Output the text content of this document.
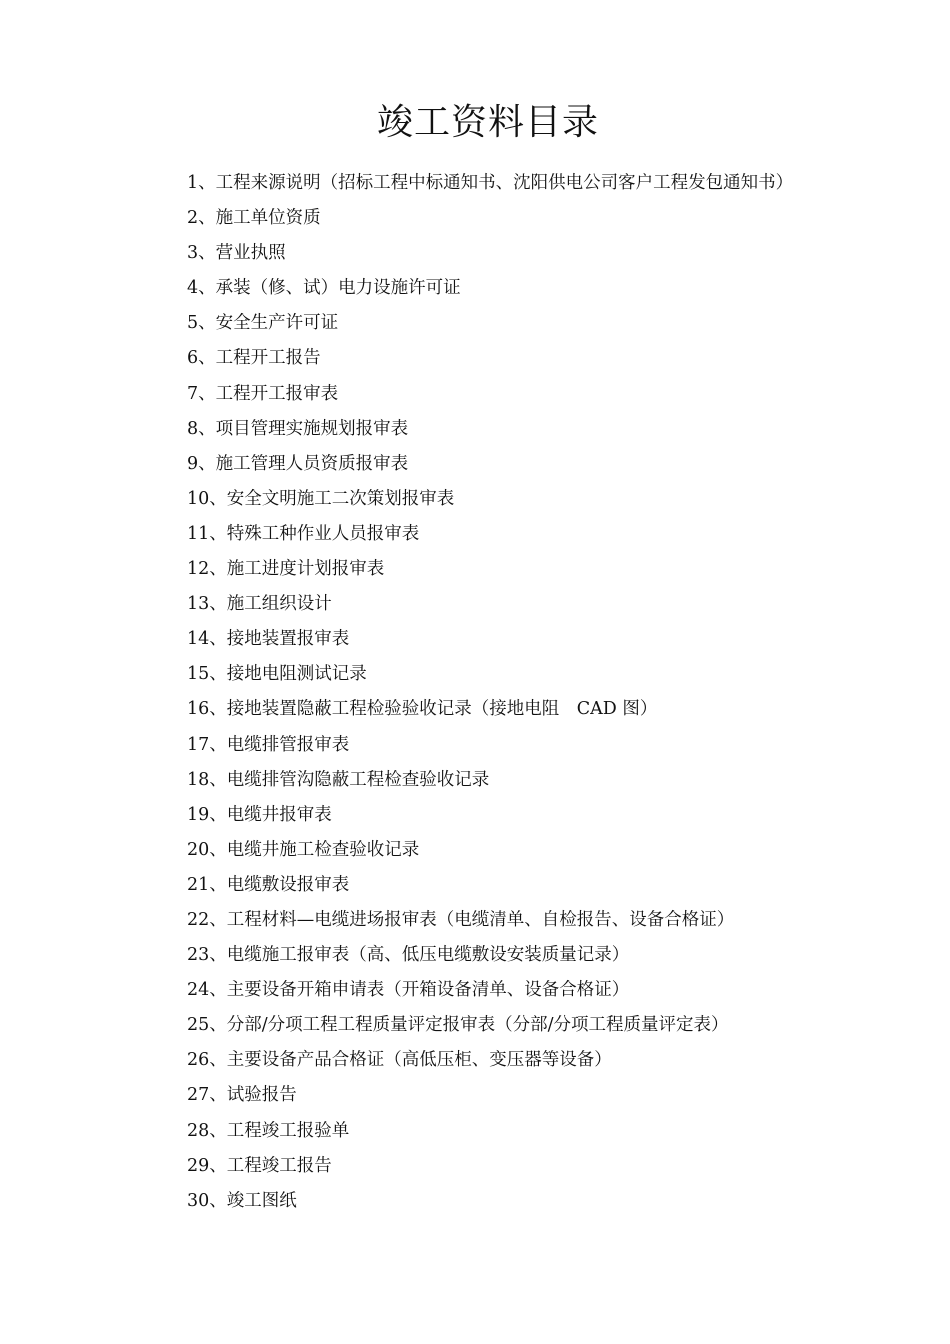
竣工资料目录
1、工程来源说明（招标工程中标通知书、沈阳供电公司客户工程发包通知书）
2、施工单位资质
3、营业执照
4、承装（修、试）电力设施许可证
5、安全生产许可证
6、工程开工报告
7、工程开工报审表
8、项目管理实施规划报审表
9、施工管理人员资质报审表
10、安全文明施工二次策划报审表
11、特殊工种作业人员报审表
12、施工进度计划报审表
13、施工组织设计
14、接地装置报审表
15、接地电阻测试记录
16、接地装置隐蔽工程检验验收记录（接地电阻　CAD 图）
17、电缆排管报审表
18、电缆排管沟隐蔽工程检查验收记录
19、电缆井报审表
20、电缆井施工检查验收记录
21、电缆敷设报审表
22、工程材料—电缆进场报审表（电缆清单、自检报告、设备合格证）
23、电缆施工报审表（高、低压电缆敷设安装质量记录）
24、主要设备开箱申请表（开箱设备清单、设备合格证）
25、分部/分项工程工程质量评定报审表（分部/分项工程质量评定表）
26、主要设备产品合格证（高低压柜、变压器等设备）
27、试验报告
28、工程竣工报验单
29、工程竣工报告
30、竣工图纸
